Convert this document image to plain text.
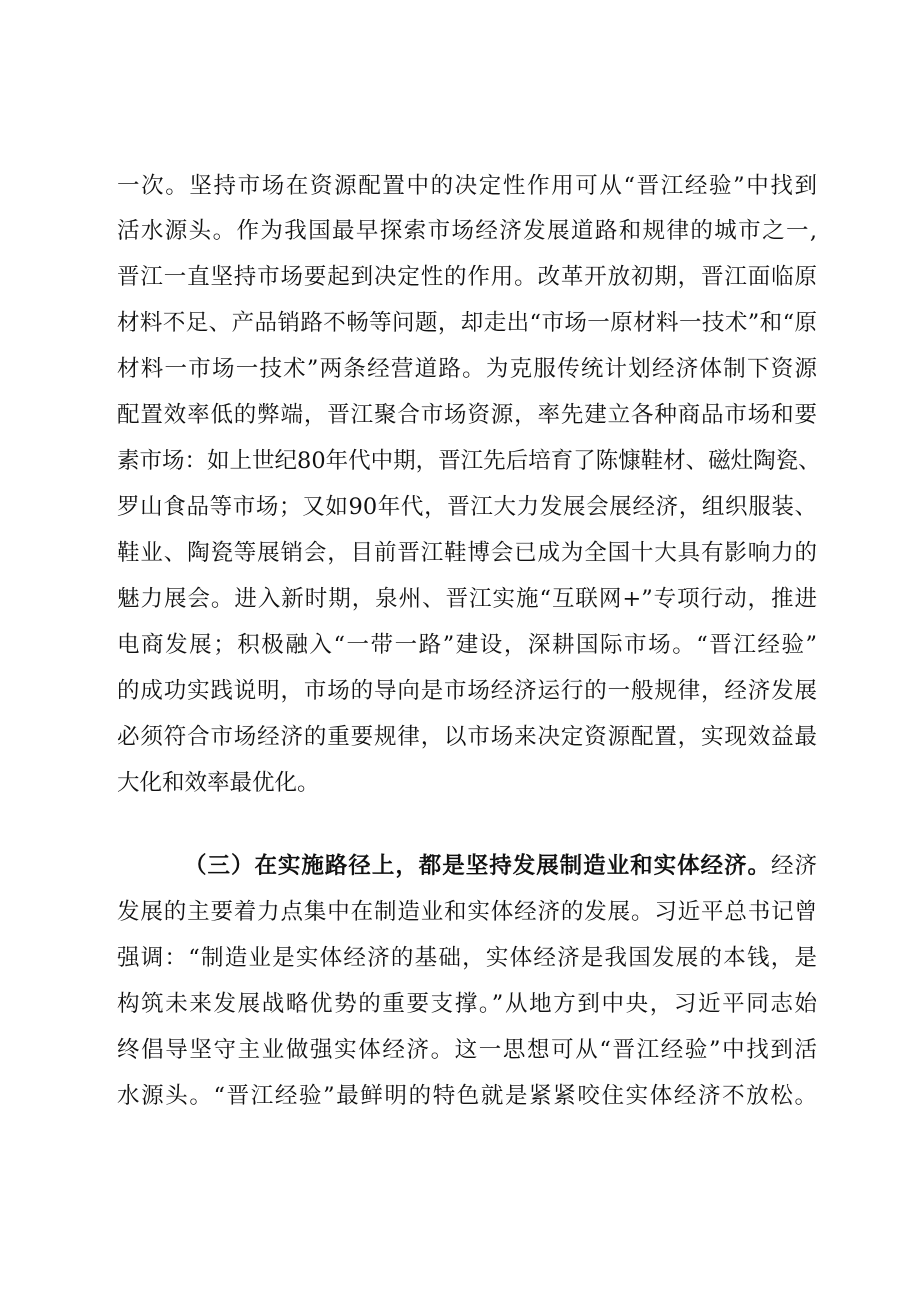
一次。坚持市场在资源配置中的决定性作用可从“晋江经验”中找到
活水源头。作为我国最早探索市场经济发展道路和规律的城市之一,
晋江一直坚持市场要起到决定性的作用。改革开放初期，晋江面临原
材料不足、产品销路不畅等问题，却走出“市场一原材料一技术”和“原
材料一市场一技术”两条经营道路。为克服传统计划经济体制下资源
配置效率低的弊端，晋江聚合市场资源，率先建立各种商品市场和要
素市场：如上世纪80年代中期，晋江先后培育了陈慷鞋材、磁灶陶瓷、
罗山食品等市场；又如90年代，晋江大力发展会展经济，组织服装、
鞋业、陶瓷等展销会，目前晋江鞋博会已成为全国十大具有影响力的
魅力展会。进入新时期，泉州、晋江实施“互联网+”专项行动，推进
电商发展；积极融入“一带一路”建设，深耕国际市场。“晋江经验”
的成功实践说明，市场的导向是市场经济运行的一般规律，经济发展
必须符合市场经济的重要规律，以市场来决定资源配置，实现效益最
大化和效率最优化。
（三）在实施路径上，都是坚持发展制造业和实体经济。经济
发展的主要着力点集中在制造业和实体经济的发展。习近平总书记曾
强调：“制造业是实体经济的基础，实体经济是我国发展的本钱，是
构筑未来发展战略优势的重要支撑。”从地方到中央，习近平同志始
终倡导坚守主业做强实体经济。这一思想可从“晋江经验”中找到活
水源头。“晋江经验”最鲜明的特色就是紧紧咬住实体经济不放松。
